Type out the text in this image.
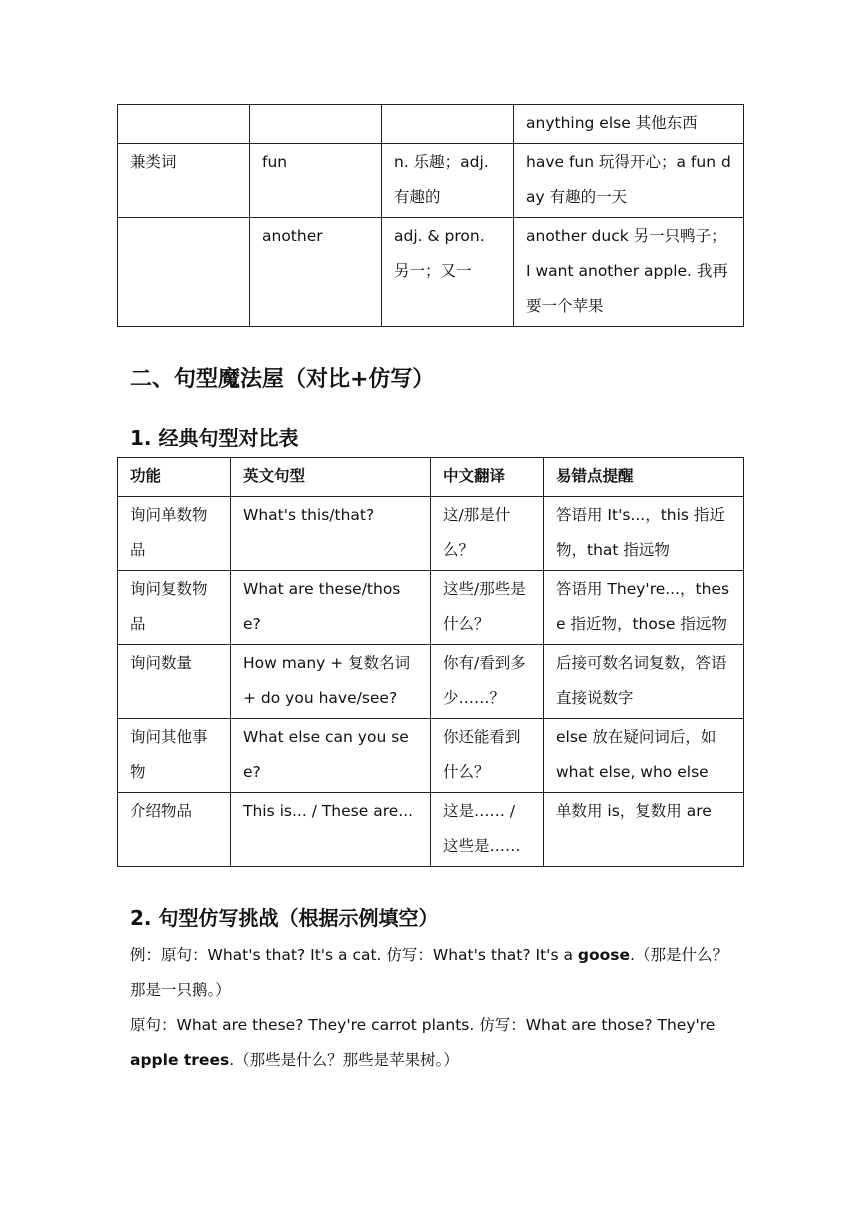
			anything else 其他东西
兼类词	fun	n. 乐趣；adj. 有趣的	have fun 玩得开心；a fun day 有趣的一天
	another	adj. & pron. 另一；又一	another duck 另一只鸭子；I want another apple. 我再要一个苹果
二、句型魔法屋（对比+仿写）
1. 经典句型对比表
功能	英文句型	中文翻译	易错点提醒
询问单数物品	What's this/that?	这/那是什么？	答语用 It's...，this 指近物，that 指远物
询问复数物品	What are these/those?	这些/那些是什么？	答语用 They're...，these 指近物，those 指远物
询问数量	How many + 复数名词 + do you have/see?	你有/看到多少……？	后接可数名词复数，答语直接说数字
询问其他事物	What else can you see?	你还能看到什么？	else 放在疑问词后，如 what else, who else
介绍物品	This is... / These are...	这是…… / 这些是……	单数用 is，复数用 are
2. 句型仿写挑战（根据示例填空）

例：原句：What's that? It's a cat. 仿写：What's that? It's a goose.（那是什么？那是一只鹅。）

原句：What are these? They're carrot plants. 仿写：What are those? They're apple trees.（那些是什么？那些是苹果树。）
